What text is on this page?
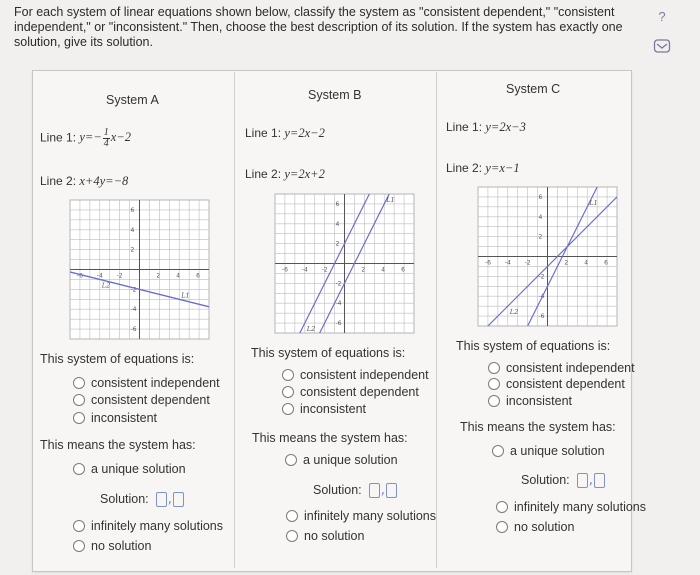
For each system of linear equations shown below, classify the system as "consistent dependent," "consistent independent," or "inconsistent." Then, choose the best description of its solution. If the system has exactly one solution, give its solution.
?
System A
Line 1: $y=- \frac{1}{4} x-2$
Line 2: x+4y=−8
-6 -4 -2	2	4	6
6
4
2
-2
-4
-6
L1
L2
This system of equations is:
consistent independent
consistent dependent
inconsistent
This means the system has:
a unique solution
Solution: ,
infinitely many solutions
no solution
System B
Line 1: y=2x−2
Line 2: y=2x+2
-6 -4 -2	2	4	6
6
4
2
-2
-4
-6
L1
L2
This system of equations is:
consistent independent
consistent dependent
inconsistent
This means the system has:
a unique solution
Solution: ,
infinitely many solutions
no solution
System C
Line 1: y=2x−3
Line 2: y=x−1
-6 -4 -2	2	4	6
6
4
2
-2
-4
-6
L1
L2
This system of equations is:
consistent independent
consistent dependent
inconsistent
This means the system has:
a unique solution
Solution: ,
infinitely many solutions
no solution
